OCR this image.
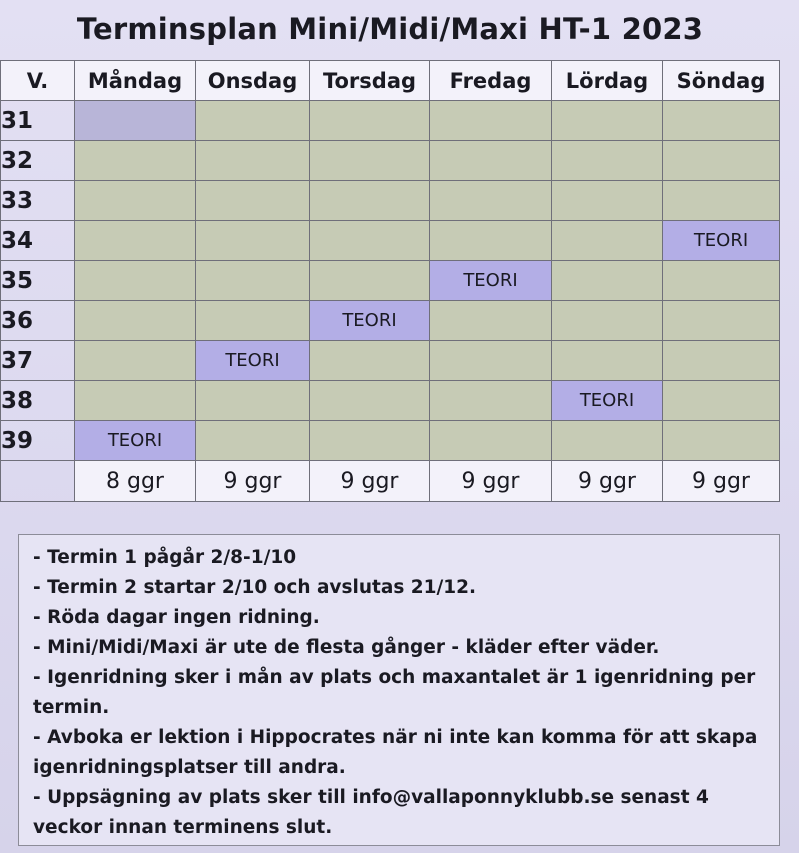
Terminsplan Mini/Midi/Maxi HT-1 2023
V.	Måndag	Onsdag	Torsdag	Fredag	Lördag	Söndag
31						
32						
33						
34						TEORI
35				TEORI		
36			TEORI			
37		TEORI				
38					TEORI	
39	TEORI					
	8 ggr	9 ggr	9 ggr	9 ggr	9 ggr	9 ggr

- Termin 1 pågår 2/8-1/10

- Termin 2 startar 2/10 och avslutas 21/12.

- Röda dagar ingen ridning.

- Mini/Midi/Maxi är ute de flesta gånger - kläder efter väder.

- Igenridning sker i mån av plats och maxantalet är 1 igenridning per termin.

- Avboka er lektion i Hippocrates när ni inte kan komma för att skapa igenridningsplatser till andra.

- Uppsägning av plats sker till info@vallaponnyklubb.se senast 4 veckor innan terminens slut.
